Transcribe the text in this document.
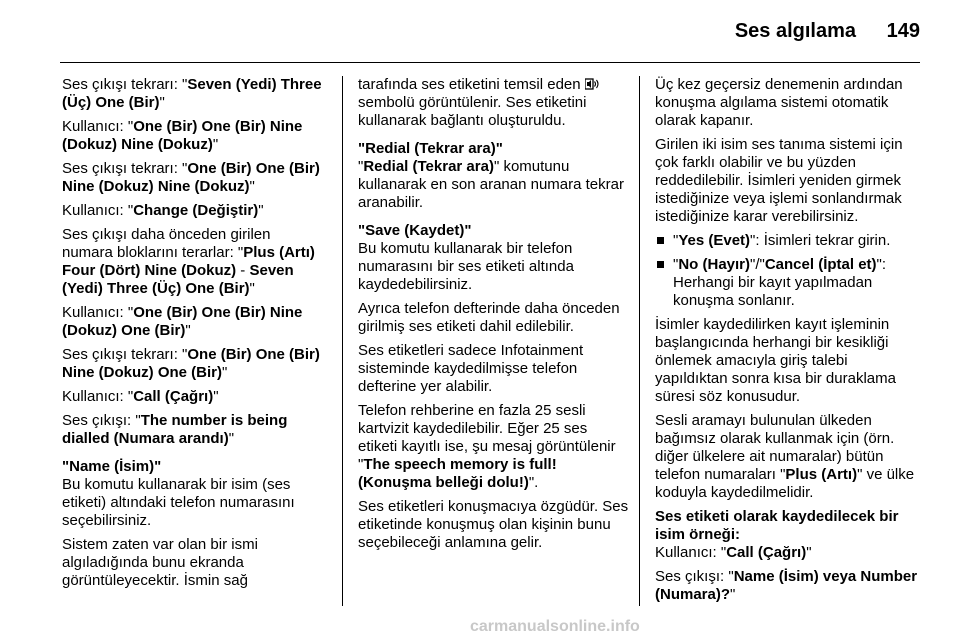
Ses algılama 149

Ses çıkışı tekrarı: "Seven (Yedi) Three (Üç) One (Bir)"

Kullanıcı: "One (Bir) One (Bir) Nine (Dokuz) Nine (Dokuz)"

Ses çıkışı tekrarı: "One (Bir) One (Bir) Nine (Dokuz) Nine (Dokuz)"

Kullanıcı: "Change (Değiştir)"

Ses çıkışı daha önceden girilen numara bloklarını terarlar: "Plus (Artı) Four (Dört) Nine (Dokuz) - Seven (Yedi) Three (Üç) One (Bir)"

Kullanıcı: "One (Bir) One (Bir) Nine (Dokuz) One (Bir)"

Ses çıkışı tekrarı: "One (Bir) One (Bir) Nine (Dokuz) One (Bir)"

Kullanıcı: "Call (Çağrı)"

Ses çıkışı: "The number is being dialled (Numara arandı)"

"Name (İsim)"

Bu komutu kullanarak bir isim (ses etiketi) altındaki telefon numarasını seçebilirsiniz.

Sistem zaten var olan bir ismi algıladığında bunu ekranda görüntüleyecektir. İsmin sağ

tarafında ses etiketini temsil eden  sembolü görüntülenir. Ses etiketini kullanarak bağlantı oluşturuldu.

"Redial (Tekrar ara)"

"Redial (Tekrar ara)" komutunu kullanarak en son aranan numara tekrar aranabilir.

"Save (Kaydet)"

Bu komutu kullanarak bir telefon numarasını bir ses etiketi altında kaydedebilirsiniz.

Ayrıca telefon defterinde daha önceden girilmiş ses etiketi dahil edilebilir.

Ses etiketleri sadece Infotainment sisteminde kaydedilmişse telefon defterine yer alabilir.

Telefon rehberine en fazla 25 sesli kartvizit kaydedilebilir. Eğer 25 ses etiketi kayıtlı ise, şu mesaj görüntülenir "The speech memory is full! (Konuşma belleği dolu!)".

Ses etiketleri konuşmacıya özgüdür. Ses etiketinde konuşmuş olan kişinin bunu seçebileceği anlamına gelir.

Üç kez geçersiz denemenin ardından konuşma algılama sistemi otomatik olarak kapanır.

Girilen iki isim ses tanıma sistemi için çok farklı olabilir ve bu yüzden reddedilebilir. İsimleri yeniden girmek istediğinize veya işlemi sonlandırmak istediğinize karar verebilirsiniz.

"Yes (Evet)": İsimleri tekrar girin.
"No (Hayır)"/"Cancel (İptal et)": Herhangi bir kayıt yapılmadan konuşma sonlanır.

İsimler kaydedilirken kayıt işleminin başlangıcında herhangi bir kesikliği önlemek amacıyla giriş talebi yapıldıktan sonra kısa bir duraklama süresi söz konusudur.

Sesli aramayı bulunulan ülkeden bağımsız olarak kullanmak için (örn. diğer ülkelere ait numaralar) bütün telefon numaraları "Plus (Artı)" ve ülke koduyla kaydedilmelidir.

Ses etiketi olarak kaydedilecek bir isim örneği:

Kullanıcı: "Call (Çağrı)"

Ses çıkışı: "Name (İsim) veya Number (Numara)?"

carmanualsonline.info
